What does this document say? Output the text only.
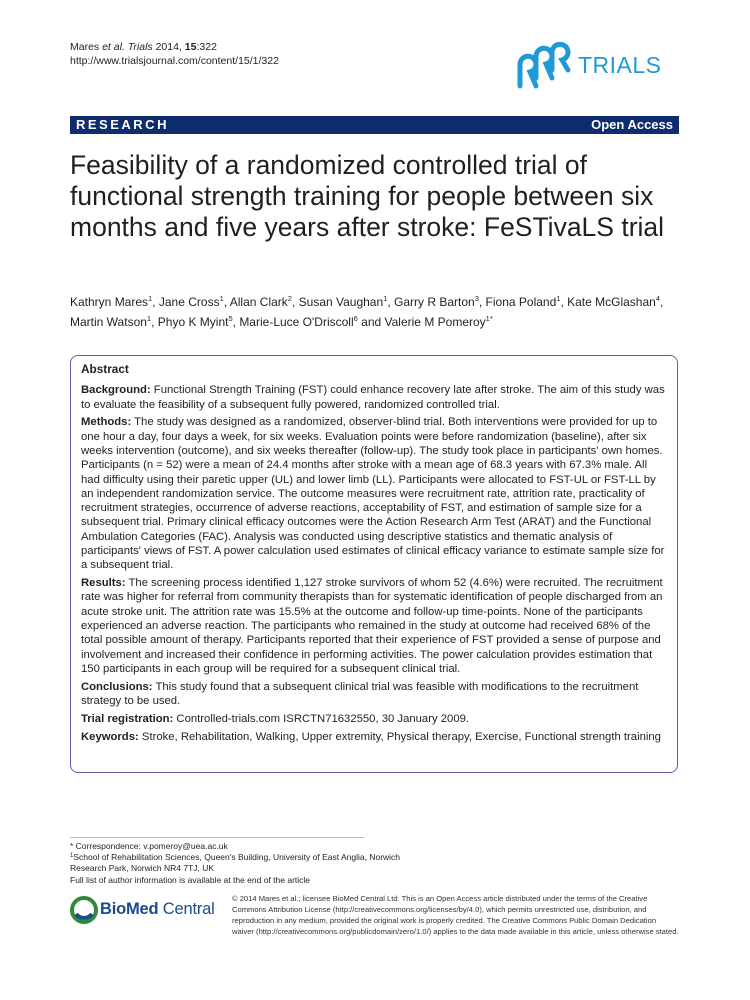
Mares et al. Trials 2014, 15:322
http://www.trialsjournal.com/content/15/1/322	TRIALS
RESEARCH	Open Access
Feasibility of a randomized controlled trial of functional strength training for people between six months and five years after stroke: FeSTivaLS trial
Kathryn Mares$^1$, Jane Cross$^1$, Allan Clark$^2$, Susan Vaughan$^1$, Garry R Barton$^3$, Fiona Poland$^1$, Kate McGlashan$^4$, Martin Watson$^1$, Phyo K Myint$^5$, Marie-Luce O'Driscoll$^6$ and Valerie M Pomeroy$^{1*}$
Abstract

Background: Functional Strength Training (FST) could enhance recovery late after stroke. The aim of this study was to evaluate the feasibility of a subsequent fully powered, randomized controlled trial.

Methods: The study was designed as a randomized, observer-blind trial. Both interventions were provided for up to one hour a day, four days a week, for six weeks. Evaluation points were before randomization (baseline), after six weeks intervention (outcome), and six weeks thereafter (follow-up). The study took place in participants' own homes. Participants (n = 52) were a mean of 24.4 months after stroke with a mean age of 68.3 years with 67.3% male. All had difficulty using their paretic upper (UL) and lower limb (LL). Participants were allocated to FST-UL or FST-LL by an independent randomization service. The outcome measures were recruitment rate, attrition rate, practicality of recruitment strategies, occurrence of adverse reactions, acceptability of FST, and estimation of sample size for a subsequent trial. Primary clinical efficacy outcomes were the Action Research Arm Test (ARAT) and the Functional Ambulation Categories (FAC). Analysis was conducted using descriptive statistics and thematic analysis of participants' views of FST. A power calculation used estimates of clinical efficacy variance to estimate sample size for a subsequent trial.

Results: The screening process identified 1,127 stroke survivors of whom 52 (4.6%) were recruited. The recruitment rate was higher for referral from community therapists than for systematic identification of people discharged from an acute stroke unit. The attrition rate was 15.5% at the outcome and follow-up time-points. None of the participants experienced an adverse reaction. The participants who remained in the study at outcome had received 68% of the total possible amount of therapy. Participants reported that their experience of FST provided a sense of purpose and involvement and increased their confidence in performing activities. The power calculation provides estimation that 150 participants in each group will be required for a subsequent clinical trial.

Conclusions: This study found that a subsequent clinical trial was feasible with modifications to the recruitment strategy to be used.

Trial registration: Controlled-trials.com ISRCTN71632550, 30 January 2009.

Keywords: Stroke, Rehabilitation, Walking, Upper extremity, Physical therapy, Exercise, Functional strength training

* Correspondence: v.pomeroy@uea.ac.uk
$^1$School of Rehabilitation Sciences, Queen's Building, University of East Anglia, Norwich Research Park, Norwich NR4 7TJ, UK
Full list of author information is available at the end of the article
BioMed Central
© 2014 Mares et al.; licensee BioMed Central Ltd. This is an Open Access article distributed under the terms of the Creative Commons Attribution License (http://creativecommons.org/licenses/by/4.0), which permits unrestricted use, distribution, and reproduction in any medium, provided the original work is properly credited. The Creative Commons Public Domain Dedication waiver (http://creativecommons.org/publicdomain/zero/1.0/) applies to the data made available in this article, unless otherwise stated.
